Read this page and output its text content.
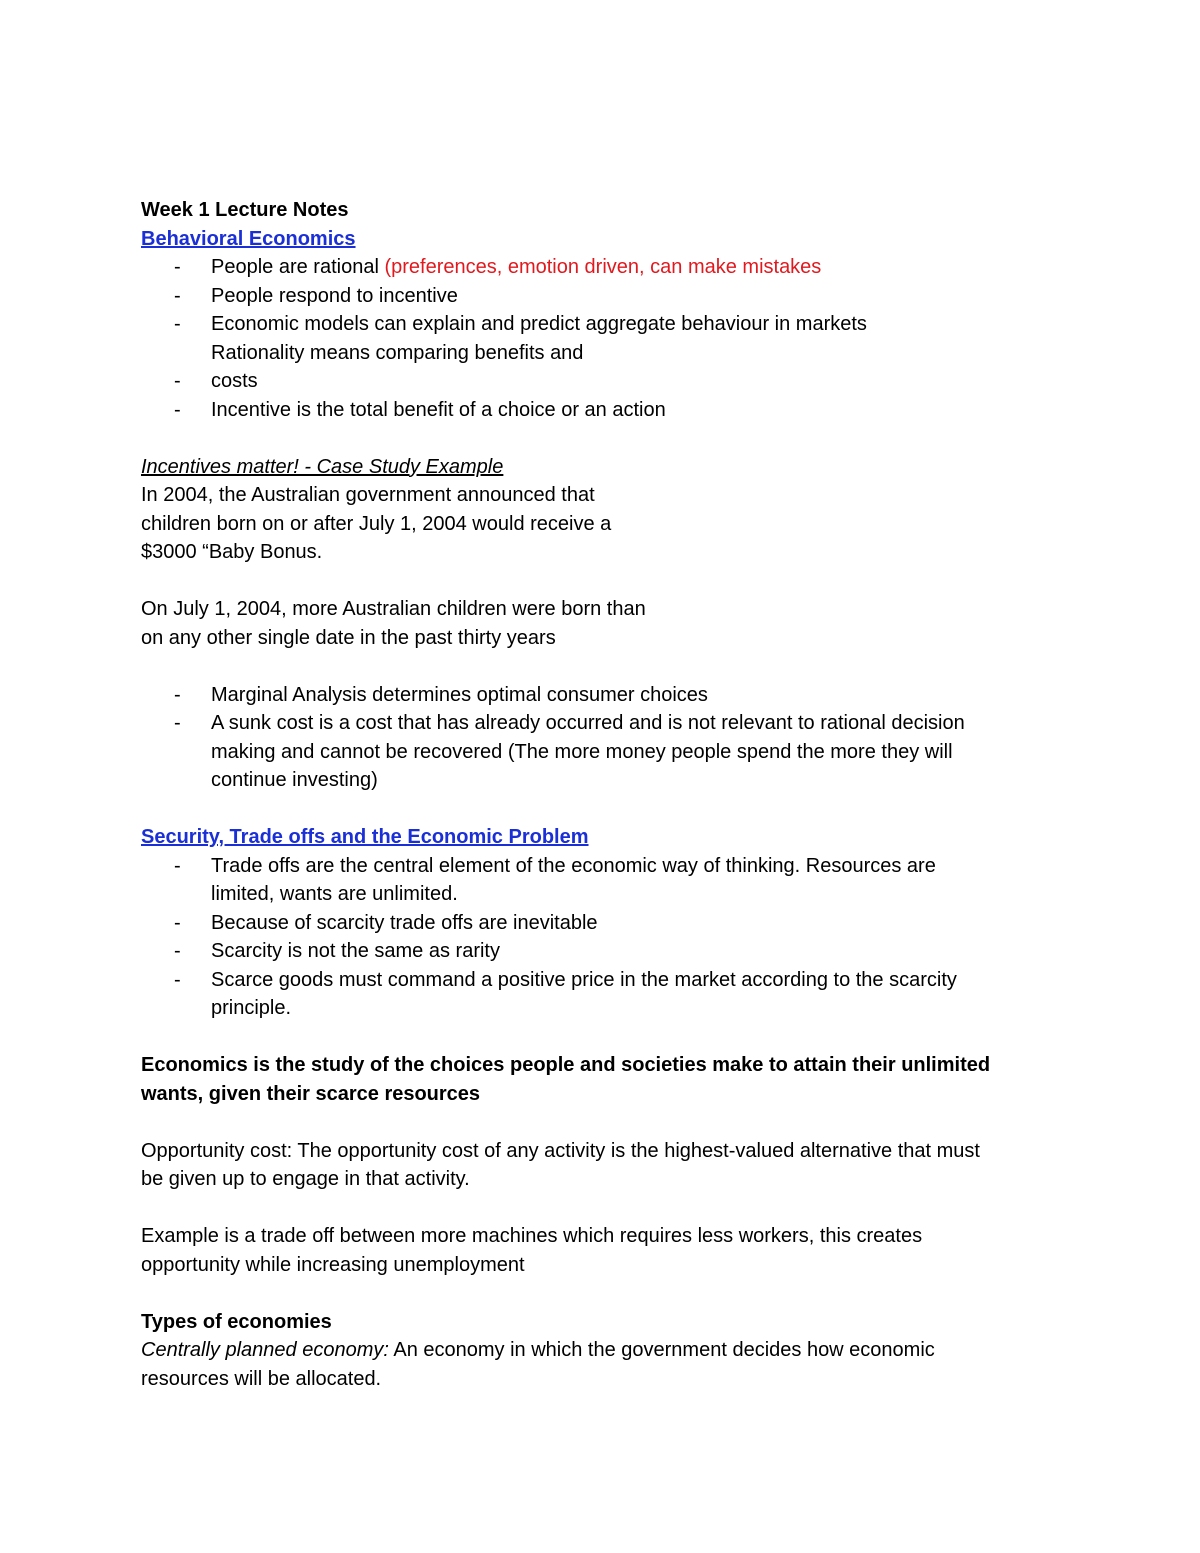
Week 1 Lecture Notes
Behavioral Economics
- People are rational (preferences, emotion driven, can make mistakes
- People respond to incentive
- Economic models can explain and predict aggregate behaviour in markets
Rationality means comparing benefits and
- costs
- Incentive is the total benefit of a choice or an action
Incentives matter! - Case Study Example
In 2004, the Australian government announced that
children born on or after July 1, 2004 would receive a
$3000 “Baby Bonus.
On July 1, 2004, more Australian children were born than
on any other single date in the past thirty years
- Marginal Analysis determines optimal consumer choices
- A sunk cost is a cost that has already occurred and is not relevant to rational decision
making and cannot be recovered (The more money people spend the more they will
continue investing)
Security, Trade offs and the Economic Problem
- Trade offs are the central element of the economic way of thinking. Resources are
limited, wants are unlimited.
- Because of scarcity trade offs are inevitable
- Scarcity is not the same as rarity
- Scarce goods must command a positive price in the market according to the scarcity
principle.
Economics is the study of the choices people and societies make to attain their unlimited
wants, given their scarce resources
Opportunity cost: The opportunity cost of any activity is the highest-valued alternative that must
be given up to engage in that activity.
Example is a trade off between more machines which requires less workers, this creates
opportunity while increasing unemployment
Types of economies
Centrally planned economy: An economy in which the government decides how economic
resources will be allocated.
